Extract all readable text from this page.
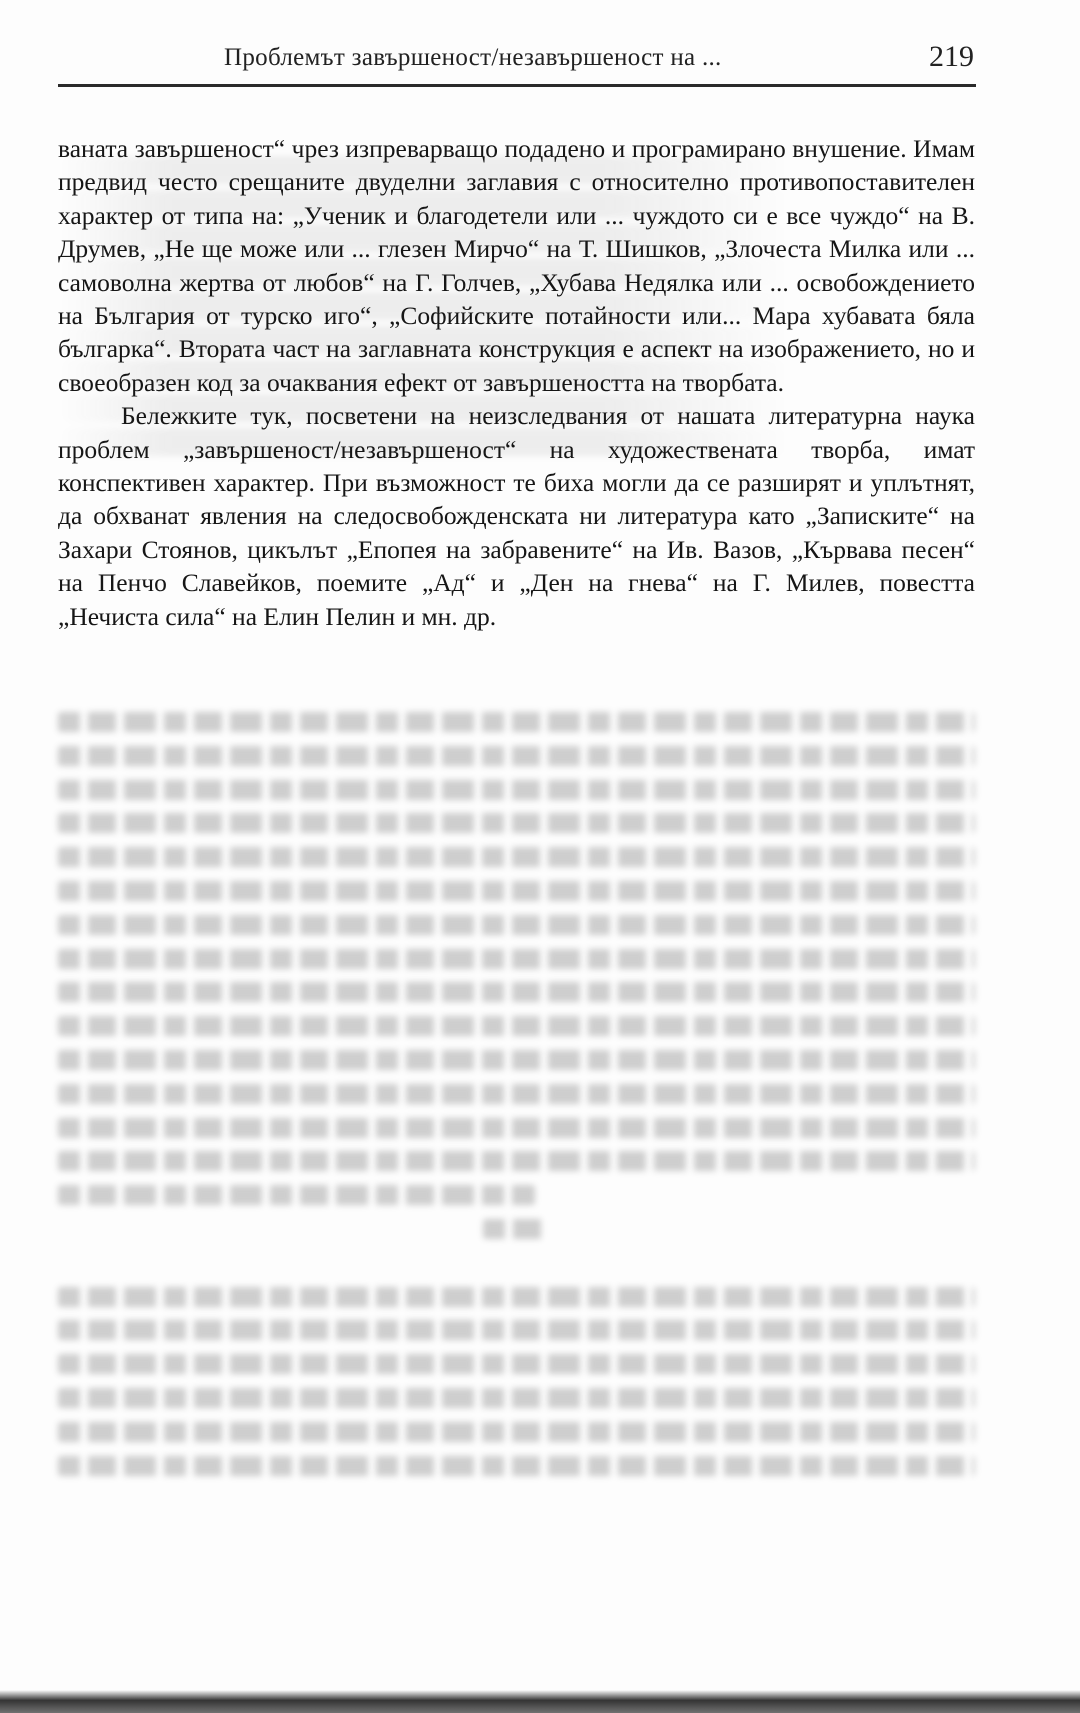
Проблемът завършеност/незавършеност на ...	219

ваната завършеност“ чрез изпреварващо подадено и програмирано внушение. Имам предвид често срещаните двуделни заглавия с относително противопоставителен характер от типа на: „Ученик и благодетели или ... чуждото си е все чуждо“ на В. Друмев, „Не ще може или ... глезен Мирчо“ на Т. Шишков, „Злочеста Милка или ... самоволна жертва от любов“ на Г. Голчев, „Хубава Недялка или ... освобождението на България от турско иго“, „Софийските потайности или... Мара хубавата бяла българка“. Втората част на заглавната конструкция е аспект на изображението, но и своеобразен код за очаквания ефект от завършеността на творбата.

Бележките тук, посветени на неизследвания от нашата литературна наука проблем „завършеност/незавършеност“ на художествената творба, имат конспективен характер. При възможност те биха могли да се разширят и уплътнят, да обхванат явления на следосвобожденската ни литература като „Записките“ на Захари Стоянов, цикълът „Епопея на забравените“ на Ив. Вазов, „Кървава песен“ на Пенчо Славейков, поемите „Ад“ и „Ден на гнева“ на Г. Милев, повестта „Нечиста сила“ на Елин Пелин и мн. др.
